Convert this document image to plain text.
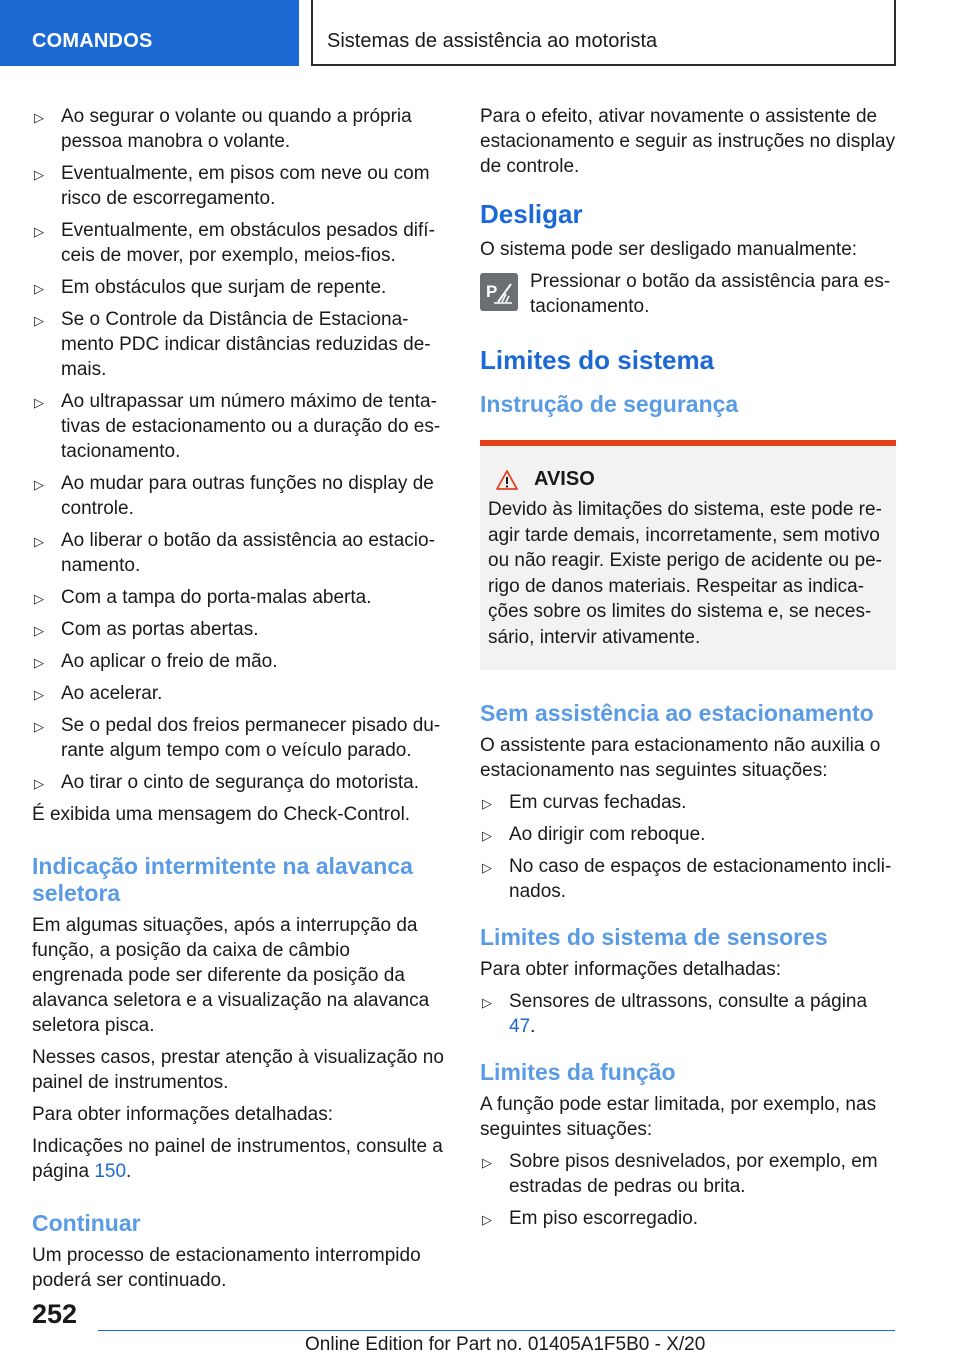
COMANDOS	Sistemas de assistência ao motorista
▷ Ao segurar o volante ou quando a própria pessoa manobra o volante.
▷ Eventualmente, em pisos com neve ou com risco de escorregamento.
▷ Eventualmente, em obstáculos pesados difíceis de mover, por exemplo, meios-fios.
▷ Em obstáculos que surjam de repente.
▷ Se o Controle da Distância de Estacionamento PDC indicar distâncias reduzidas demais.
▷ Ao ultrapassar um número máximo de tentativas de estacionamento ou a duração do estacionamento.
▷ Ao mudar para outras funções no display de controle.
▷ Ao liberar o botão da assistência ao estacionamento.
▷ Com a tampa do porta-malas aberta.
▷ Com as portas abertas.
▷ Ao aplicar o freio de mão.
▷ Ao acelerar.
▷ Se o pedal dos freios permanecer pisado durante algum tempo com o veículo parado.
▷ Ao tirar o cinto de segurança do motorista.

É exibida uma mensagem do Check-Control.

Indicação intermitente na alavanca seletora

Em algumas situações, após a interrupção da função, a posição da caixa de câmbio engrenada pode ser diferente da posição da alavanca seletora e a visualização na alavanca seletora pisca.

Nesses casos, prestar atenção à visualização no painel de instrumentos.

Para obter informações detalhadas:

Indicações no painel de instrumentos, consulte a página 150.

Continuar

Um processo de estacionamento interrompido poderá ser continuado.

Para o efeito, ativar novamente o assistente de estacionamento e seguir as instruções no display de controle.

Desligar

O sistema pode ser desligado manualmente:

P Pressionar o botão da assistência para estacionamento.

Limites do sistema
Instrução de segurança
AVISO

Devido às limitações do sistema, este pode reagir tarde demais, incorretamente, sem motivo ou não reagir. Existe perigo de acidente ou perigo de danos materiais. Respeitar as indicações sobre os limites do sistema e, se necessário, intervir ativamente.

Sem assistência ao estacionamento

O assistente para estacionamento não auxilia o estacionamento nas seguintes situações:

▷ Em curvas fechadas.
▷ Ao dirigir com reboque.
▷ No caso de espaços de estacionamento inclinados.
Limites do sistema de sensores

Para obter informações detalhadas:

▷ Sensores de ultrassons, consulte a página 47.
Limites da função

A função pode estar limitada, por exemplo, nas seguintes situações:

▷ Sobre pisos desnivelados, por exemplo, em estradas de pedras ou brita.
▷ Em piso escorregadio.
252
Online Edition for Part no. 01405A1F5B0 - X/20
